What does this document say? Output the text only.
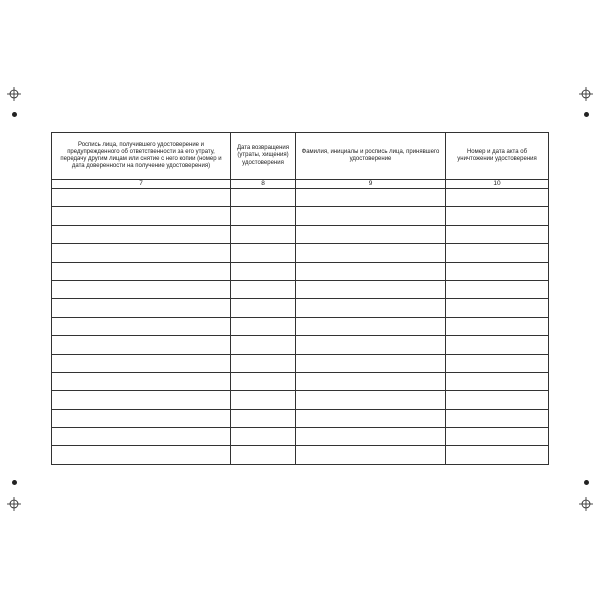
Роспись лица, получившего удостоверение и предупрежденного об ответственности за его утрату, передачу другим лицам или снятие с него копии (номер и дата доверенности на получение удостоверения)	Дата возвращения (утраты, хищения) удостоверения	Фамилия, инициалы и роспись лица, принявшего удостоверение	Номер и дата акта об уничтожении удостоверения
7	8	9	10
